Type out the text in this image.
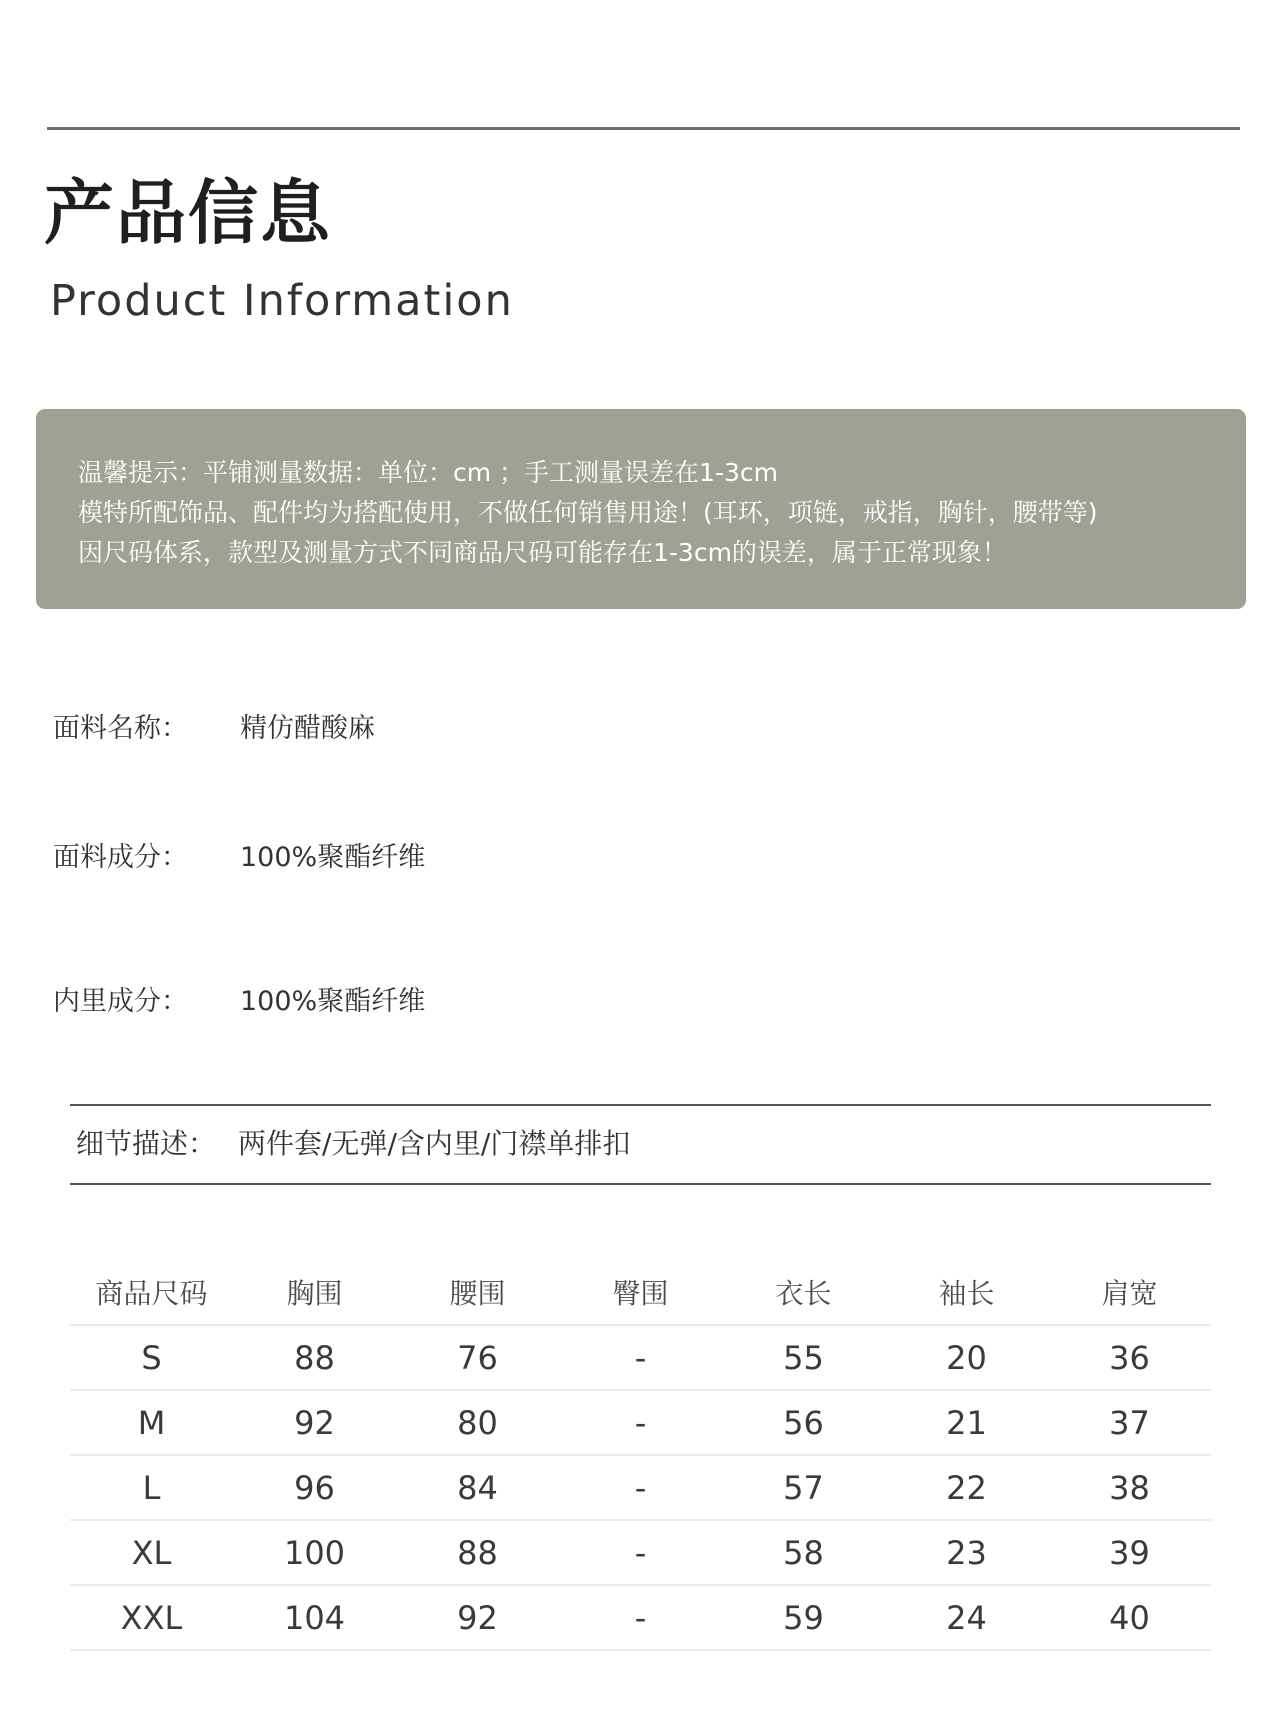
产品信息
Product Information
温馨提示：平铺测量数据：单位：cm ；手工测量误差在1-3cm
模特所配饰品、配件均为搭配使用，不做任何销售用途！(耳环，项链，戒指，胸针，腰带等)
因尺码体系，款型及测量方式不同商品尺码可能存在1-3cm的误差，属于正常现象！
面料名称： 精仿醋酸麻
面料成分： 100%聚酯纤维
内里成分： 100%聚酯纤维
细节描述： 两件套/无弹/含内里/门襟单排扣
商品尺码	胸围	腰围	臀围	衣长	袖长	肩宽
S	88	76	-	55	20	36
M	92	80	-	56	21	37
L	96	84	-	57	22	38
XL	100	88	-	58	23	39
XXL	104	92	-	59	24	40
